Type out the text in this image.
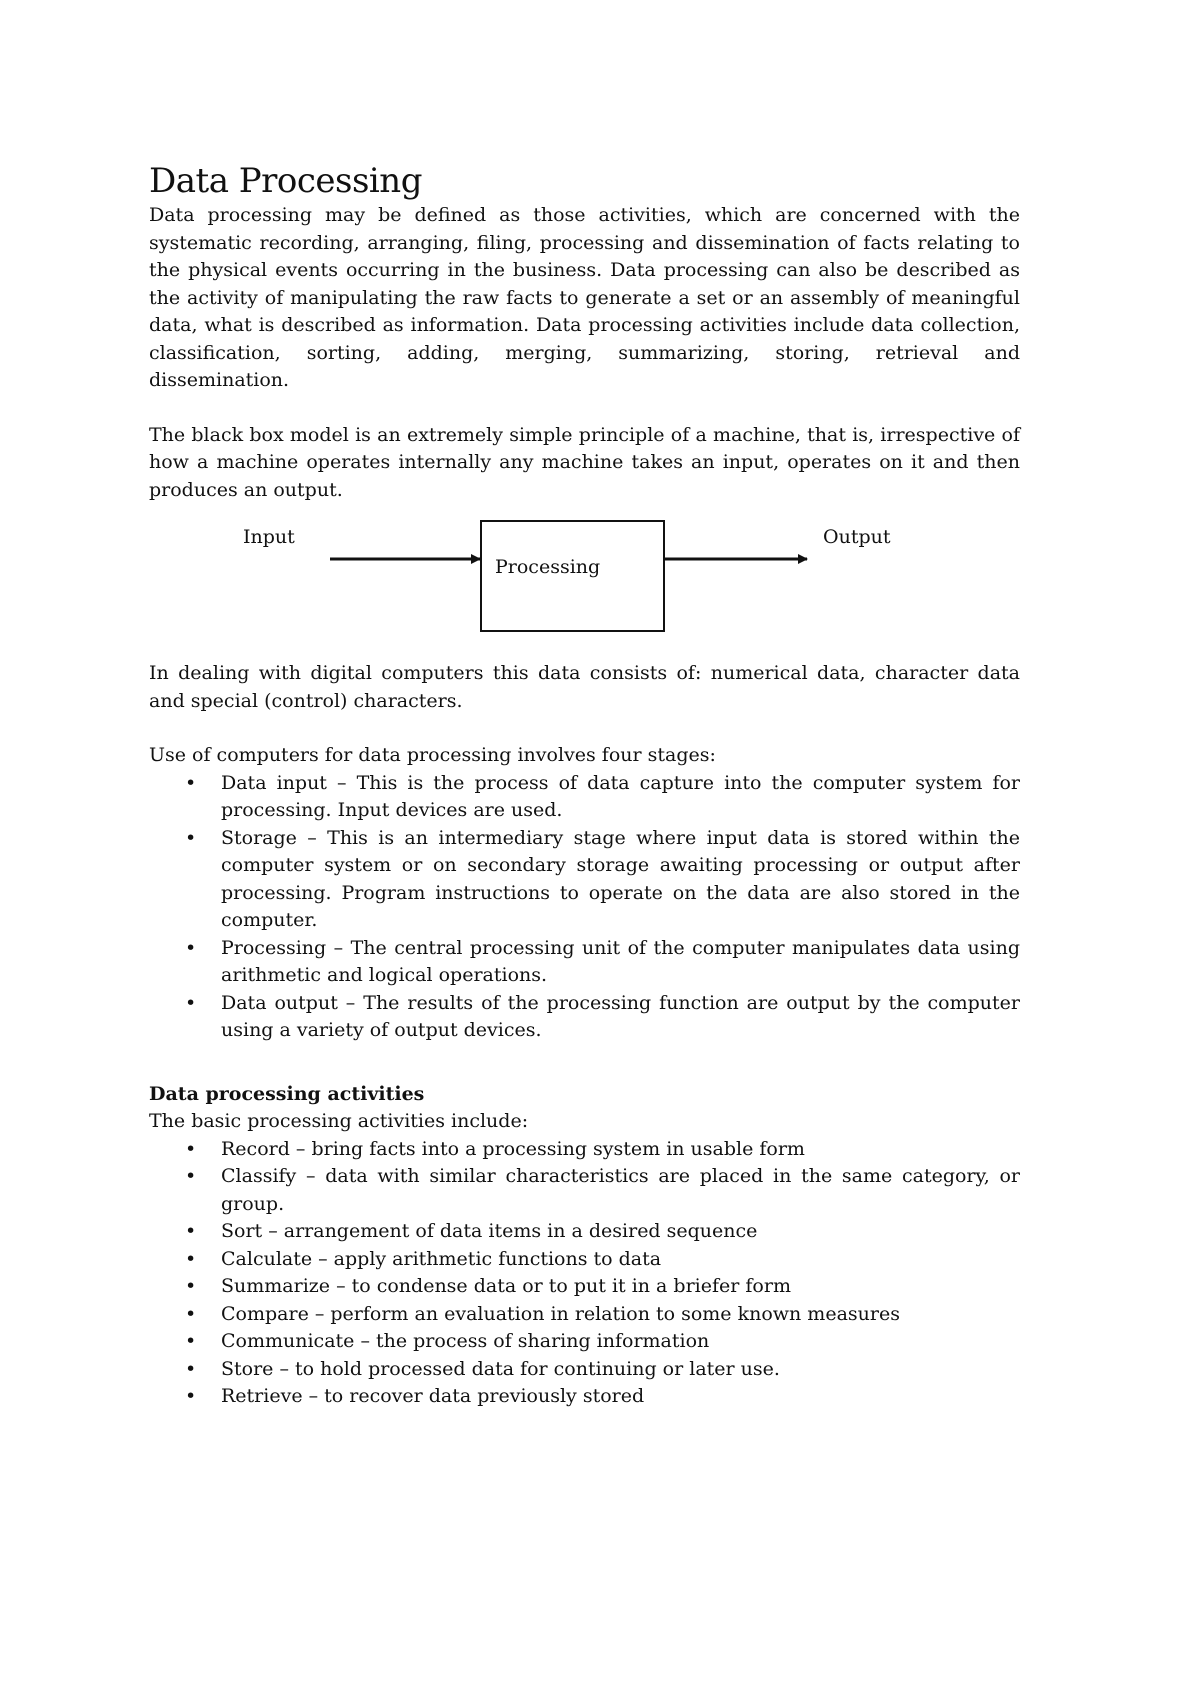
Data Processing

Data processing may be defined as those activities, which are concerned with the systematic recording, arranging, filing, processing and dissemination of facts relating to the physical events occurring in the business. Data processing can also be described as the activity of manipulating the raw facts to generate a set or an assembly of meaningful data, what is described as information. Data processing activities include data collection, classification, sorting, adding, merging, summarizing, storing, retrieval and dissemination.

The black box model is an extremely simple principle of a machine, that is, irrespective of how a machine operates internally any machine takes an input, operates on it and then produces an output.

Input
Processing
Output

In dealing with digital computers this data consists of: numerical data, character data and special (control) characters.

Use of computers for data processing involves four stages:

• Data input – This is the process of data capture into the computer system for processing. Input devices are used.
• Storage – This is an intermediary stage where input data is stored within the computer system or on secondary storage awaiting processing or output after processing. Program instructions to operate on the data are also stored in the computer.
• Processing – The central processing unit of the computer manipulates data using arithmetic and logical operations.
• Data output – The results of the processing function are output by the computer using a variety of output devices.
Data processing activities

The basic processing activities include:

• Record – bring facts into a processing system in usable form
• Classify – data with similar characteristics are placed in the same category, or group.
• Sort – arrangement of data items in a desired sequence
• Calculate – apply arithmetic functions to data
• Summarize – to condense data or to put it in a briefer form
• Compare – perform an evaluation in relation to some known measures
• Communicate – the process of sharing information
• Store – to hold processed data for continuing or later use.
• Retrieve – to recover data previously stored
